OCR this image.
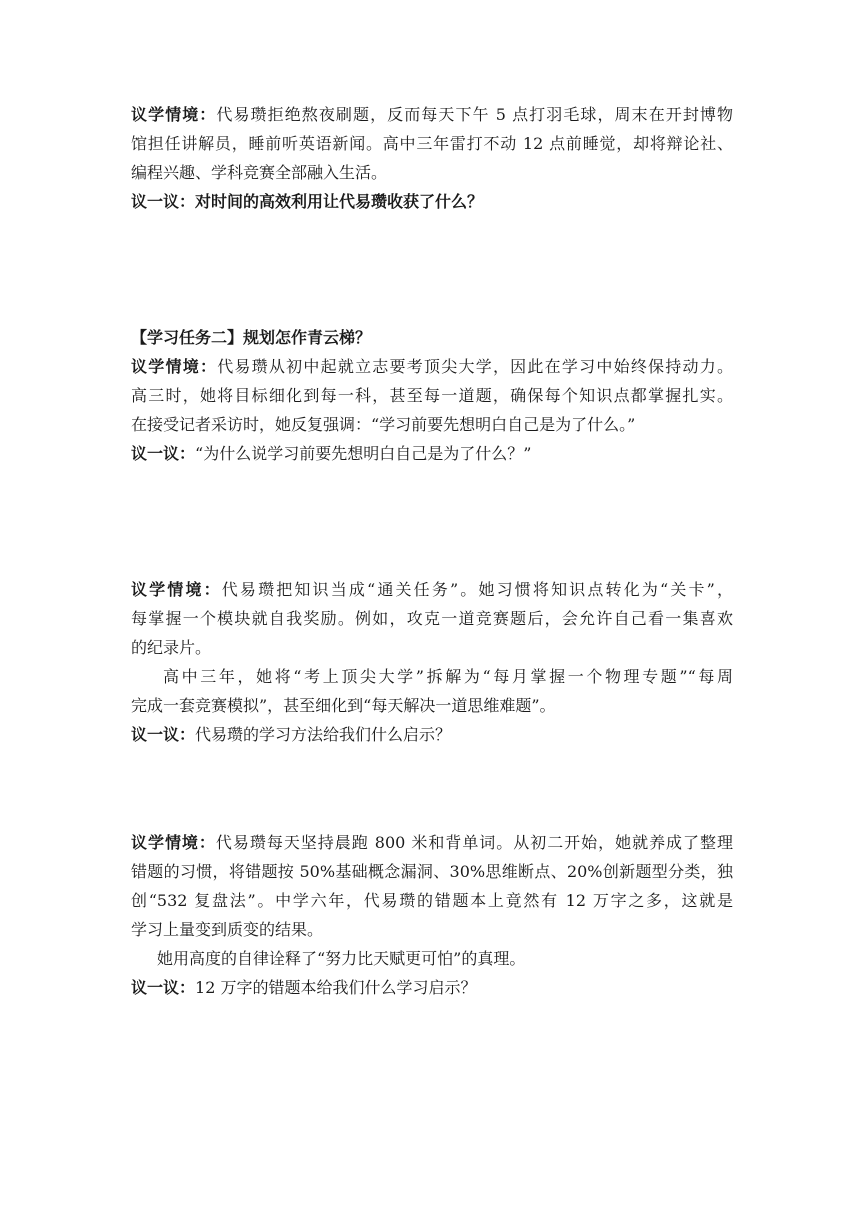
议学情境：代易瓒拒绝熬夜刷题，反而每天下午 5 点打羽毛球，周末在开封博物
馆担任讲解员，睡前听英语新闻。高中三年雷打不动 12 点前睡觉，却将辩论社、
编程兴趣、学科竞赛全部融入生活。
议一议：对时间的高效利用让代易瓒收获了什么？
【学习任务二】规划怎作青云梯？
议学情境：代易瓒从初中起就立志要考顶尖大学，因此在学习中始终保持动力。
高三时，她将目标细化到每一科，甚至每一道题，确保每个知识点都掌握扎实。
在接受记者采访时，她反复强调：“学习前要先想明白自己是为了什么。”
议一议：“为什么说学习前要先想明白自己是为了什么？”
议学情境：代易瓒把知识当成“通关任务”。她习惯将知识点转化为“关卡”，
每掌握一个模块就自我奖励。例如，攻克一道竞赛题后，会允许自己看一集喜欢
的纪录片。
高中三年，她将“考上顶尖大学”拆解为“每月掌握一个物理专题”“每周
完成一套竞赛模拟”，甚至细化到“每天解决一道思维难题”。
议一议：代易瓒的学习方法给我们什么启示？
议学情境：代易瓒每天坚持晨跑 800 米和背单词。从初二开始，她就养成了整理
错题的习惯，将错题按 50%基础概念漏洞、30%思维断点、20%创新题型分类，独
创“532 复盘法”。中学六年，代易瓒的错题本上竟然有 12 万字之多，这就是
学习上量变到质变的结果。
她用高度的自律诠释了“努力比天赋更可怕”的真理。
议一议：12 万字的错题本给我们什么学习启示？
